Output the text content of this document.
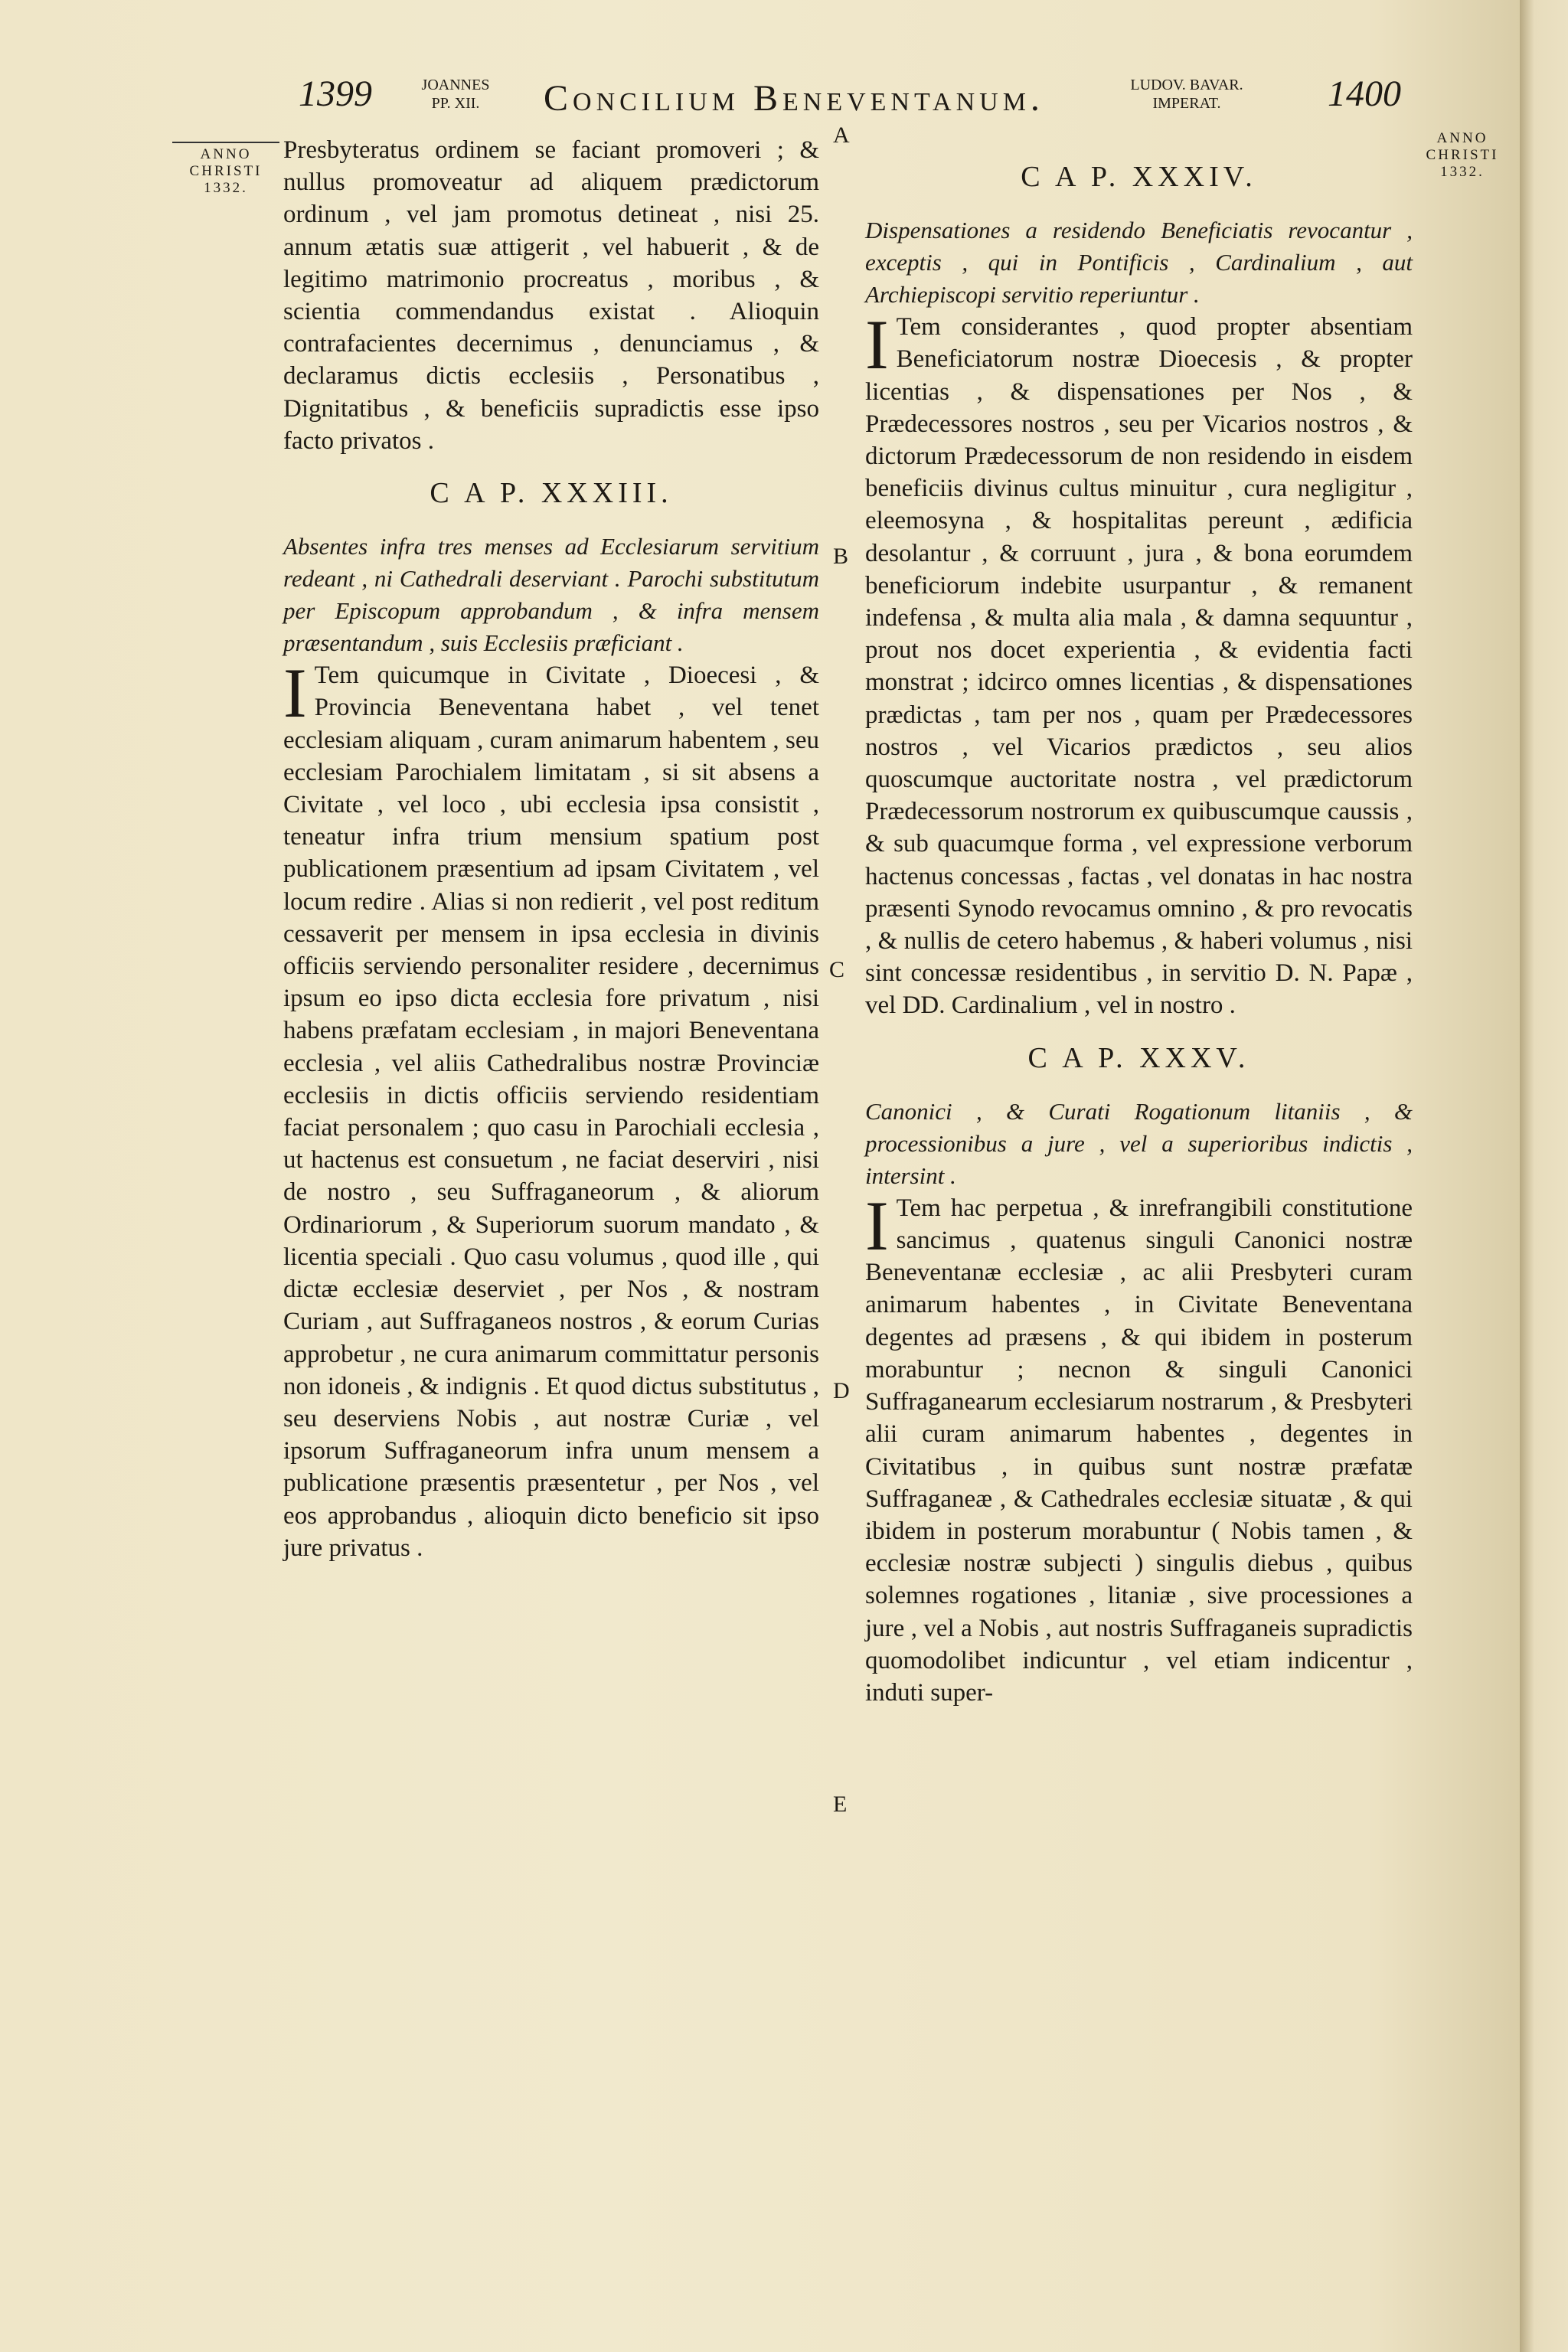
1399	JOANNES PP. XII.	Concilium Beneventanum.	LUDOV. BAVAR. IMPERAT.	1400
ANNO CHRISTI 1332.
ANNO CHRISTI 1332.
A
B
C
D
E

Presbyteratus ordinem se faciant promoveri ; & nullus promoveatur ad aliquem prædictorum ordinum , vel jam promotus detineat , nisi 25. annum ætatis suæ attigerit , vel habuerit , & de legitimo matrimonio procreatus , moribus , & scientia commendandus existat . Alioquin contrafacientes decernimus , denunciamus , & declaramus dictis ecclesiis , Personatibus , Dignitatibus , & beneficiis supradictis esse ipso facto privatos .

C A P. XXXIII.

Absentes infra tres menses ad Ecclesiarum servitium redeant , ni Cathedrali deserviant . Parochi substitutum per Episcopum approbandum , & infra mensem præsentandum , suis Ecclesiis præficiant .

I Tem quicumque in Civitate , Dioecesi , & Provincia Beneventana habet , vel tenet ecclesiam aliquam , curam animarum habentem , seu ecclesiam Parochialem limitatam , si sit absens a Civitate , vel loco , ubi ecclesia ipsa consistit , teneatur infra trium mensium spatium post publicationem præsentium ad ipsam Civitatem , vel locum redire . Alias si non redierit , vel post reditum cessaverit per mensem in ipsa ecclesia in divinis officiis serviendo personaliter residere , decernimus ipsum eo ipso dicta ecclesia fore privatum , nisi habens præfatam ecclesiam , in majori Beneventana ecclesia , vel aliis Cathedralibus nostræ Provinciæ ecclesiis in dictis officiis serviendo residentiam faciat personalem ; quo casu in Parochiali ecclesia , ut hactenus est consuetum , ne faciat deserviri , nisi de nostro , seu Suffraganeorum , & aliorum Ordinariorum , & Superiorum suorum mandato , & licentia speciali . Quo casu volumus , quod ille , qui dictæ ecclesiæ deserviet , per Nos , & nostram Curiam , aut Suffraganeos nostros , & eorum Curias approbetur , ne cura animarum committatur personis non idoneis , & indignis . Et quod dictus substitutus , seu deserviens Nobis , aut nostræ Curiæ , vel ipsorum Suffraganeorum infra unum mensem a publicatione præsentis præsentetur , per Nos , vel eos approbandus , alioquin dicto beneficio sit ipso jure privatus .

C A P. XXXIV.

Dispensationes a residendo Beneficiatis revocantur , exceptis , qui in Pontificis , Cardinalium , aut Archiepiscopi servitio reperiuntur .

I Tem considerantes , quod propter absentiam Beneficiatorum nostræ Dioecesis , & propter licentias , & dispensationes per Nos , & Prædecessores nostros , seu per Vicarios nostros , & dictorum Prædecessorum de non residendo in eisdem beneficiis divinus cultus minuitur , cura negligitur , eleemosyna , & hospitalitas pereunt , ædificia desolantur , & corruunt , jura , & bona eorumdem beneficiorum indebite usurpantur , & remanent indefensa , & multa alia mala , & damna sequuntur , prout nos docet experientia , & evidentia facti monstrat ; idcirco omnes licentias , & dispensationes prædictas , tam per nos , quam per Prædecessores nostros , vel Vicarios prædictos , seu alios quoscumque auctoritate nostra , vel prædictorum Prædecessorum nostrorum ex quibuscumque caussis , & sub quacumque forma , vel expressione verborum hactenus concessas , factas , vel donatas in hac nostra præsenti Synodo revocamus omnino , & pro revocatis , & nullis de cetero habemus , & haberi volumus , nisi sint concessæ residentibus , in servitio D. N. Papæ , vel DD. Cardinalium , vel in nostro .

C A P. XXXV.

Canonici , & Curati Rogationum litaniis , & processionibus a jure , vel a superioribus indictis , intersint .

I Tem hac perpetua , & inrefrangibili constitutione sancimus , quatenus singuli Canonici nostræ Beneventanæ ecclesiæ , ac alii Presbyteri curam animarum habentes , in Civitate Beneventana degentes ad præsens , & qui ibidem in posterum morabuntur ; necnon & singuli Canonici Suffraganearum ecclesiarum nostrarum , & Presbyteri alii curam animarum habentes , degentes in Civitatibus , in quibus sunt nostræ præfatæ Suffraganeæ , & Cathedrales ecclesiæ situatæ , & qui ibidem in posterum morabuntur ( Nobis tamen , & ecclesiæ nostræ subjecti ) singulis diebus , quibus solemnes rogationes , litaniæ , sive processiones a jure , vel a Nobis , aut nostris Suffraganeis supradictis quomodolibet indicuntur , vel etiam indicentur , induti super-
